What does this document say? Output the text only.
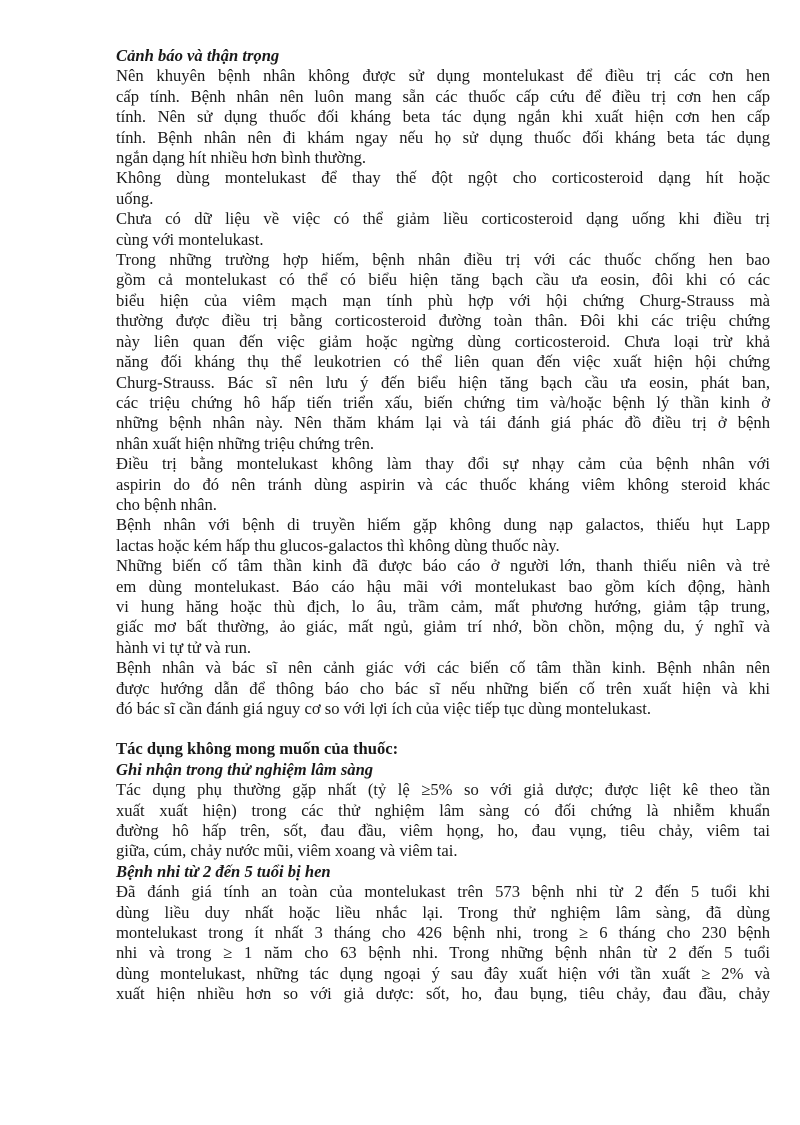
Cảnh báo và thận trọng
Nên khuyên bệnh nhân không được sử dụng montelukast để điều trị các cơn hen
cấp tính. Bệnh nhân nên luôn mang sẵn các thuốc cấp cứu để điều trị cơn hen cấp
tính. Nên sử dụng thuốc đối kháng beta tác dụng ngắn khi xuất hiện cơn hen cấp
tính. Bệnh nhân nên đi khám ngay nếu họ sử dụng thuốc đối kháng beta tác dụng
ngắn dạng hít nhiều hơn bình thường.
Không dùng montelukast để thay thế đột ngột cho corticosteroid dạng hít hoặc
uống.
Chưa có dữ liệu về việc có thể giảm liều corticosteroid dạng uống khi điều trị
cùng với montelukast.
Trong những trường hợp hiếm, bệnh nhân điều trị với các thuốc chống hen bao
gồm cả montelukast có thể có biểu hiện tăng bạch cầu ưa eosin, đôi khi có các
biểu hiện của viêm mạch mạn tính phù hợp với hội chứng Churg-Strauss mà
thường được điều trị bằng corticosteroid đường toàn thân. Đôi khi các triệu chứng
này liên quan đến việc giảm hoặc ngừng dùng corticosteroid. Chưa loại trừ khả
năng đối kháng thụ thể leukotrien có thể liên quan đến việc xuất hiện hội chứng
Churg-Strauss. Bác sĩ nên lưu ý đến biểu hiện tăng bạch cầu ưa eosin, phát ban,
các triệu chứng hô hấp tiến triển xấu, biến chứng tim và/hoặc bệnh lý thần kinh ở
những bệnh nhân này. Nên thăm khám lại và tái đánh giá phác đồ điều trị ở bệnh
nhân xuất hiện những triệu chứng trên.
Điều trị bằng montelukast không làm thay đổi sự nhạy cảm của bệnh nhân với
aspirin do đó nên tránh dùng aspirin và các thuốc kháng viêm không steroid khác
cho bệnh nhân.
Bệnh nhân với bệnh di truyền hiếm gặp không dung nạp galactos, thiếu hụt Lapp
lactas hoặc kém hấp thu glucos-galactos thì không dùng thuốc này.
Những biến cố tâm thần kinh đã được báo cáo ở người lớn, thanh thiếu niên và trẻ
em dùng montelukast. Báo cáo hậu mãi với montelukast bao gồm kích động, hành
vi hung hăng hoặc thù địch, lo âu, trầm cảm, mất phương hướng, giảm tập trung,
giấc mơ bất thường, ảo giác, mất ngủ, giảm trí nhớ, bồn chồn, mộng du, ý nghĩ và
hành vi tự tử và run.
Bệnh nhân và bác sĩ nên cảnh giác với các biến cố tâm thần kinh. Bệnh nhân nên
được hướng dẫn để thông báo cho bác sĩ nếu những biến cố trên xuất hiện và khi
đó bác sĩ cần đánh giá nguy cơ so với lợi ích của việc tiếp tục dùng montelukast.
Tác dụng không mong muốn của thuốc:
Ghi nhận trong thử nghiệm lâm sàng
Tác dụng phụ thường gặp nhất (tỷ lệ ≥5% so với giả dược; được liệt kê theo tần
xuất xuất hiện) trong các thử nghiệm lâm sàng có đối chứng là nhiễm khuẩn
đường hô hấp trên, sốt, đau đầu, viêm họng, ho, đau vụng, tiêu chảy, viêm tai
giữa, cúm, chảy nước mũi, viêm xoang và viêm tai.
Bệnh nhi từ 2 đến 5 tuổi bị hen
Đã đánh giá tính an toàn của montelukast trên 573 bệnh nhi từ 2 đến 5 tuổi khi
dùng liều duy nhất hoặc liều nhắc lại. Trong thử nghiệm lâm sàng, đã dùng
montelukast trong ít nhất 3 tháng cho 426 bệnh nhi, trong ≥ 6 tháng cho 230 bệnh
nhi và trong ≥ 1 năm cho 63 bệnh nhi. Trong những bệnh nhân từ 2 đến 5 tuổi
dùng montelukast, những tác dụng ngoại ý sau đây xuất hiện với tần xuất ≥ 2% và
xuất hiện nhiều hơn so với giả dược: sốt, ho, đau bụng, tiêu chảy, đau đầu, chảy
